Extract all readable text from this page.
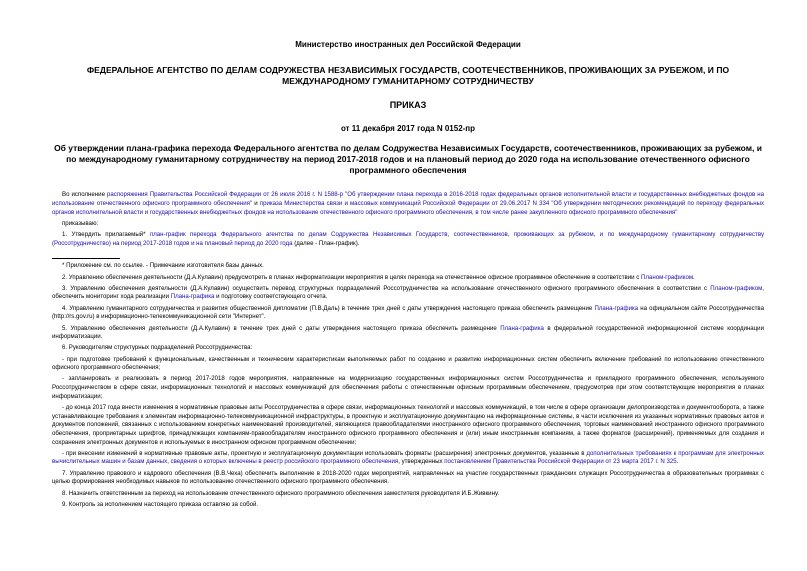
Министерство иностранных дел Российской Федерации
ФЕДЕРАЛЬНОЕ АГЕНТСТВО ПО ДЕЛАМ СОДРУЖЕСТВА НЕЗАВИСИМЫХ ГОСУДАРСТВ, СООТЕЧЕСТВЕННИКОВ, ПРОЖИВАЮЩИХ ЗА РУБЕЖОМ, И ПО МЕЖДУНАРОДНОМУ ГУМАНИТАРНОМУ СОТРУДНИЧЕСТВУ
ПРИКАЗ
от 11 декабря 2017 года N 0152-пр
Об утверждении плана-графика перехода Федерального агентства по делам Содружества Независимых Государств, соотечественников, проживающих за рубежом, и по международному гуманитарному сотрудничеству на период 2017-2018 годов и на плановый период до 2020 года на использование отечественного офисного программного обеспечения

Во исполнение распоряжения Правительства Российской Федерации от 26 июля 2016 г. N 1588-р "Об утверждении плана перехода в 2016-2018 годах федеральных органов исполнительной власти и государственных внебюджетных фондов на использование отечественного офисного программного обеспечения" и приказа Министерства связи и массовых коммуникаций Российской Федерации от 29.06.2017 N 334 "Об утверждении методических рекомендаций по переходу федеральных органов исполнительной власти и государственных внебюджетных фондов на использование отечественного офисного программного обеспечения, в том числе ранее закупленного офисного программного обеспечения"

приказываю:

1. Утвердить прилагаемый* план-график перехода Федерального агентства по делам Содружества Независимых Государств, соотечественников, проживающих за рубежом, и по международному гуманитарному сотрудничеству (Россотрудничество) на период 2017-2018 годов и на плановый период до 2020 года (далее - План-график).

* Приложение см. по ссылке. - Примечание изготовителя базы данных.

2. Управлению обеспечения деятельности (Д.А.Кулавин) предусмотреть в планах информатизации мероприятия в целях перехода на отечественное офисное программное обеспечение в соответствии с Планом-графиком.

3. Управлению обеспечения деятельности (Д.А.Кулавин) осуществить перевод структурных подразделений Россотрудничества на использование отечественного офисного программного обеспечения в соответствии с Планом-графиком, обеспечить мониторинг хода реализации Плана-графика и подготовку соответствующего отчета.

4. Управлению гуманитарного сотрудничества и развития общественной дипломатии (П.В.Даль) в течение трех дней с даты утверждения настоящего приказа обеспечить размещение Плана-графика на официальном сайте Россотрудничества (http://rs.gov.ru) в информационно-телекоммуникационной сети "Интернет".

5. Управлению обеспечения деятельности (Д.А.Кулавин) в течение трех дней с даты утверждения настоящего приказа обеспечить размещение Плана-графика в федеральной государственной информационной системе координации информатизации.

6. Руководителям структурных подразделений Россотрудничества:

- при подготовке требований к функциональным, качественным и техническим характеристикам выполняемых работ по созданию и развитию информационных систем обеспечить включение требований по использованию отечественного офисного программного обеспечения;

- запланировать и реализовать в период 2017-2018 годов мероприятия, направленные на модернизацию государственных информационных систем Россотрудничества и прикладного программного обеспечения, используемого Россотрудничеством в сфере связи, информационных технологий и массовых коммуникаций для обеспечения работы с отечественным офисным программным обеспечением, предусмотрев при этом соответствующие мероприятия в планах информатизации;

- до конца 2017 года внести изменения в нормативные правовые акты Россотрудничества в сфере связи, информационных технологий и массовых коммуникаций, в том числе в сфере организации делопроизводства и документооборота, а также устанавливающие требования к элементам информационно-телекоммуникационной инфраструктуры, в проектную и эксплуатационную документацию на информационные системы, в части исключения из указанных нормативных правовых актов и документов положений, связанных с использованием конкретных наименований производителей, являющихся правообладателями иностранного офисного программного обеспечения, торговых наименований иностранного офисного программного обеспечения, проприетарных шрифтов, принадлежащих компаниям-правообладателям иностранного офисного программного обеспечения и (или) иным иностранным компаниям, а также форматов (расширений), применяемых для создания и сохранения электронных документов и используемых в иностранном офисном программном обеспечении;

- при внесении изменений в нормативные правовые акты, проектную и эксплуатационную документации использовать форматы (расширения) электронных документов, указанные в дополнительных требованиях к программам для электронных вычислительных машин и базам данных, сведения о которых включены в реестр российского программного обеспечения, утвержденных постановлением Правительства Российской Федерации от 23 марта 2017 г. N 325.

7. Управлению правового и кадрового обеспечения (В.В.Чеха) обеспечить выполнение в 2018-2020 годах мероприятий, направленных на участие государственных гражданских служащих Россотрудничества в образовательных программах с целью формирования необходимых навыков по использованию отечественного офисного программного обеспечения.

8. Назначить ответственным за переход на использование отечественного офисного программного обеспечения заместителя руководителя И.Б.Живкину.

9. Контроль за исполнением настоящего приказа оставляю за собой.
